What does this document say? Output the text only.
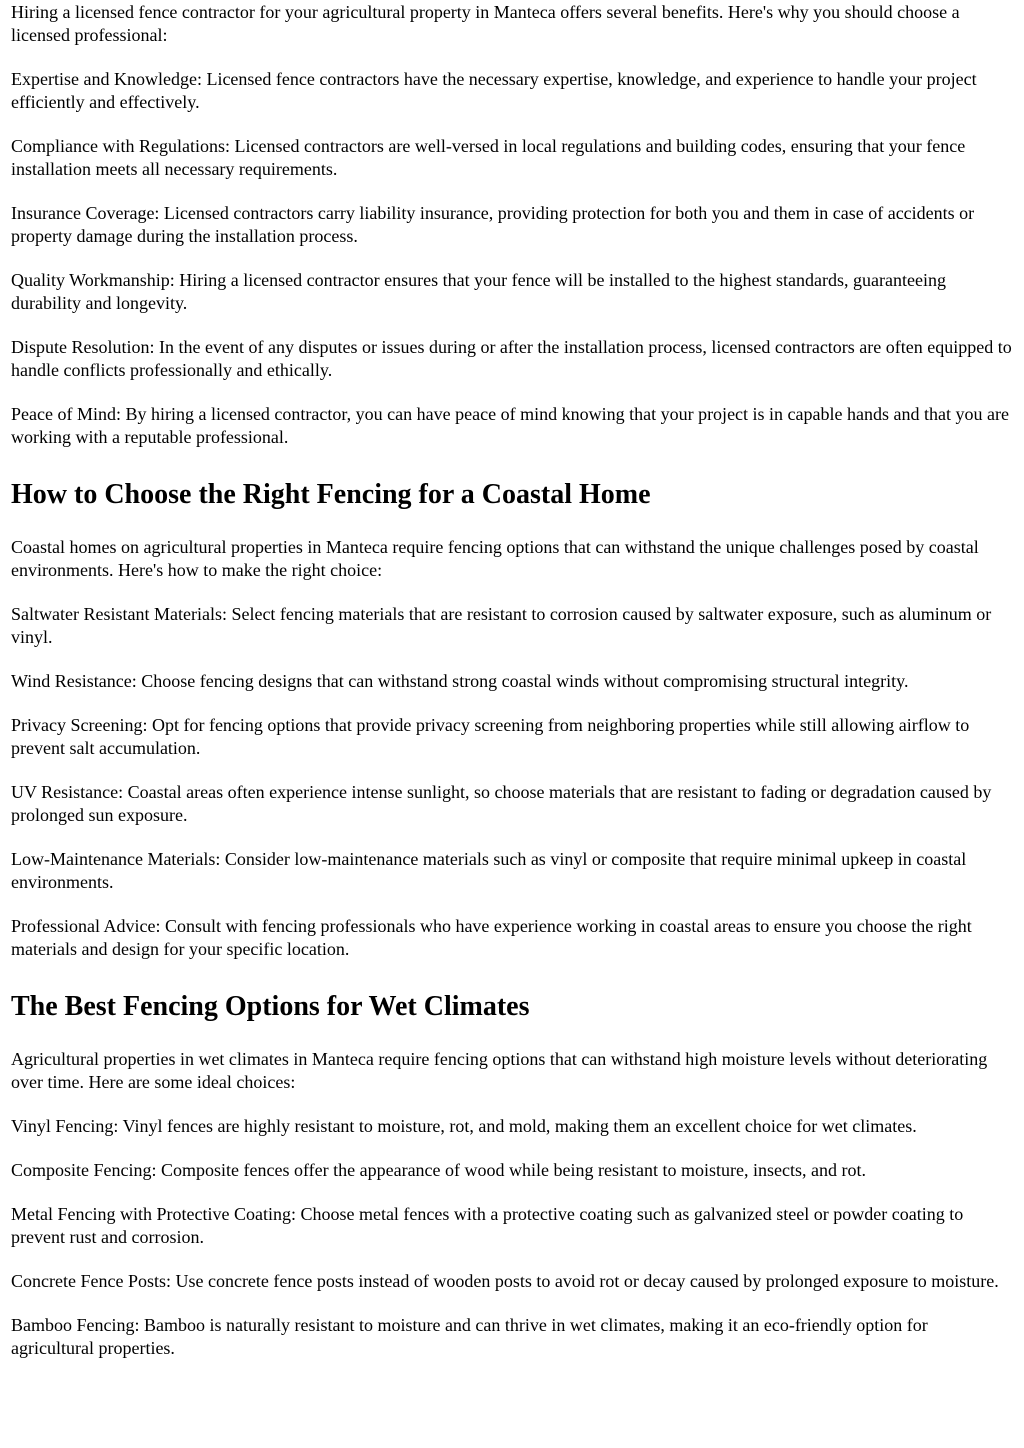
Hiring a licensed fence contractor for your agricultural property in Manteca offers several benefits. Here's why you should choose a licensed professional:

Expertise and Knowledge: Licensed fence contractors have the necessary expertise, knowledge, and experience to handle your project efficiently and effectively.

Compliance with Regulations: Licensed contractors are well-versed in local regulations and building codes, ensuring that your fence installation meets all necessary requirements.

Insurance Coverage: Licensed contractors carry liability insurance, providing protection for both you and them in case of accidents or property damage during the installation process.

Quality Workmanship: Hiring a licensed contractor ensures that your fence will be installed to the highest standards, guaranteeing durability and longevity.

Dispute Resolution: In the event of any disputes or issues during or after the installation process, licensed contractors are often equipped to handle conflicts professionally and ethically.

Peace of Mind: By hiring a licensed contractor, you can have peace of mind knowing that your project is in capable hands and that you are working with a reputable professional.

How to Choose the Right Fencing for a Coastal Home

Coastal homes on agricultural properties in Manteca require fencing options that can withstand the unique challenges posed by coastal environments. Here's how to make the right choice:

Saltwater Resistant Materials: Select fencing materials that are resistant to corrosion caused by saltwater exposure, such as aluminum or vinyl.

Wind Resistance: Choose fencing designs that can withstand strong coastal winds without compromising structural integrity.

Privacy Screening: Opt for fencing options that provide privacy screening from neighboring properties while still allowing airflow to prevent salt accumulation.

UV Resistance: Coastal areas often experience intense sunlight, so choose materials that are resistant to fading or degradation caused by prolonged sun exposure.

Low-Maintenance Materials: Consider low-maintenance materials such as vinyl or composite that require minimal upkeep in coastal environments.

Professional Advice: Consult with fencing professionals who have experience working in coastal areas to ensure you choose the right materials and design for your specific location.

The Best Fencing Options for Wet Climates

Agricultural properties in wet climates in Manteca require fencing options that can withstand high moisture levels without deteriorating over time. Here are some ideal choices:

Vinyl Fencing: Vinyl fences are highly resistant to moisture, rot, and mold, making them an excellent choice for wet climates.

Composite Fencing: Composite fences offer the appearance of wood while being resistant to moisture, insects, and rot.

Metal Fencing with Protective Coating: Choose metal fences with a protective coating such as galvanized steel or powder coating to prevent rust and corrosion.

Concrete Fence Posts: Use concrete fence posts instead of wooden posts to avoid rot or decay caused by prolonged exposure to moisture.

Bamboo Fencing: Bamboo is naturally resistant to moisture and can thrive in wet climates, making it an eco-friendly option for agricultural properties.
